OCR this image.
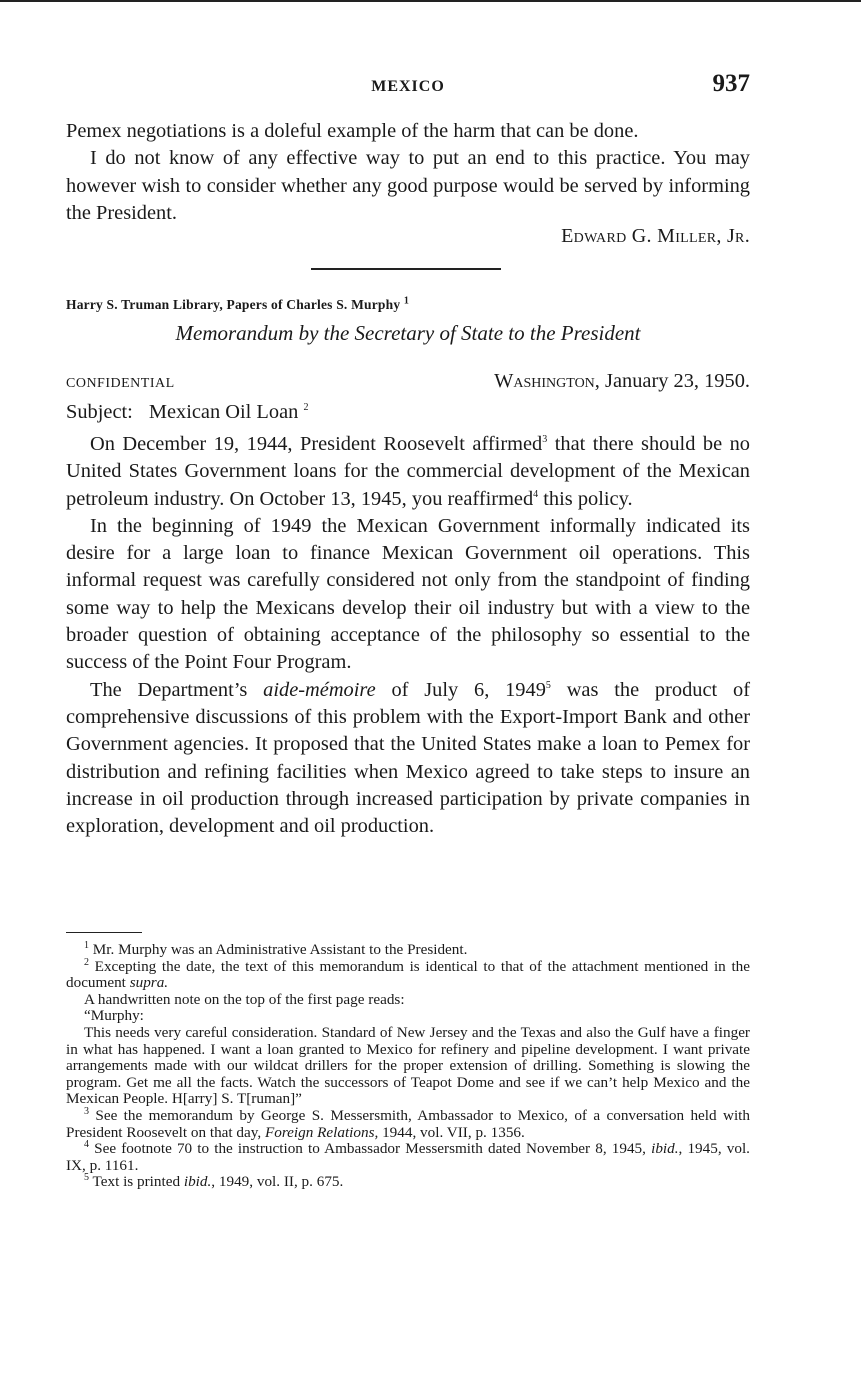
MEXICO	937

Pemex negotiations is a doleful example of the harm that can be done.

I do not know of any effective way to put an end to this practice. You may however wish to consider whether any good purpose would be served by informing the President.

Edward G. Miller, Jr.
Harry S. Truman Library, Papers of Charles S. Murphy $^1$
Memorandum by the Secretary of State to the President
CONFIDENTIAL	Washington, January 23, 1950.
Subject: Mexican Oil Loan $^2$

On December 19, 1944, President Roosevelt affirmed$^3$ that there should be no United States Government loans for the commercial development of the Mexican petroleum industry. On October 13, 1945, you reaffirmed$^4$ this policy.

In the beginning of 1949 the Mexican Government informally indicated its desire for a large loan to finance Mexican Government oil operations. This informal request was carefully considered not only from the standpoint of finding some way to help the Mexicans develop their oil industry but with a view to the broader question of obtaining acceptance of the philosophy so essential to the success of the Point Four Program.

The Department’s aide-mémoire of July 6, 1949$^5$ was the product of comprehensive discussions of this problem with the Export-Import Bank and other Government agencies. It proposed that the United States make a loan to Pemex for distribution and refining facilities when Mexico agreed to take steps to insure an increase in oil production through increased participation by private companies in exploration, development and oil production.

$^1$ Mr. Murphy was an Administrative Assistant to the President.

$^2$ Excepting the date, the text of this memorandum is identical to that of the attachment mentioned in the document supra.

A handwritten note on the top of the first page reads:

“Murphy:

This needs very careful consideration. Standard of New Jersey and the Texas and also the Gulf have a finger in what has happened. I want a loan granted to Mexico for refinery and pipeline development. I want private arrangements made with our wildcat drillers for the proper extension of drilling. Something is slowing the program. Get me all the facts. Watch the successors of Teapot Dome and see if we can’t help Mexico and the Mexican People. H[arry] S. T[ruman]”

$^3$ See the memorandum by George S. Messersmith, Ambassador to Mexico, of a conversation held with President Roosevelt on that day, Foreign Relations, 1944, vol. VII, p. 1356.

$^4$ See footnote 70 to the instruction to Ambassador Messersmith dated November 8, 1945, ibid., 1945, vol. IX, p. 1161.

$^5$ Text is printed ibid., 1949, vol. II, p. 675.
